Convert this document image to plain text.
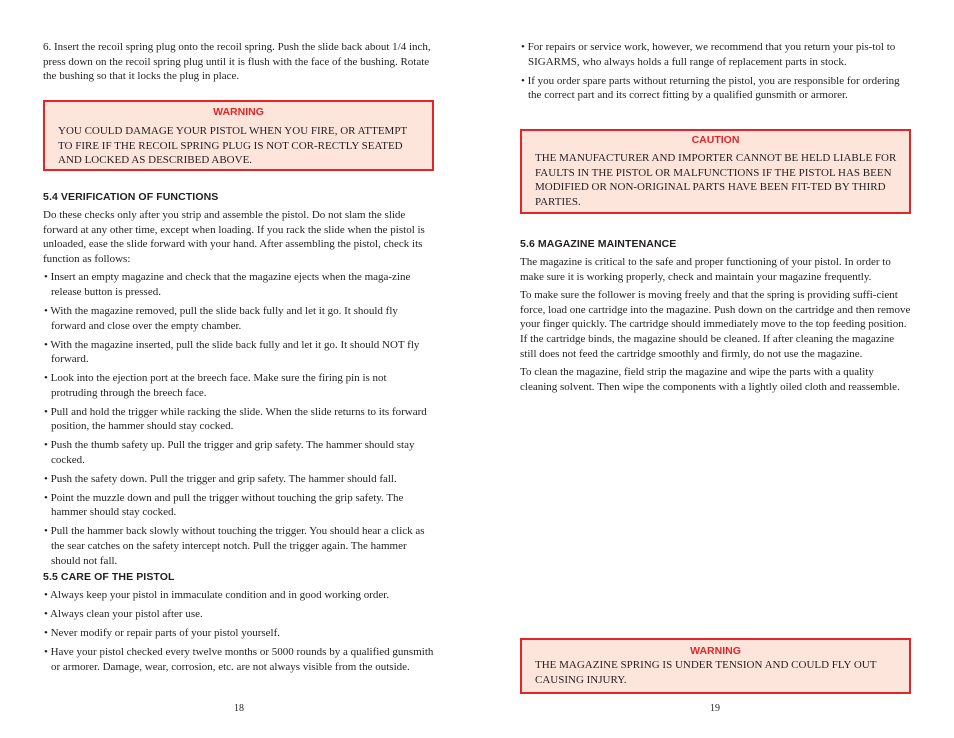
6. Insert the recoil spring plug onto the recoil spring. Push the slide back about 1/4 inch, press down on the recoil spring plug until it is flush with the face of the bushing. Rotate the bushing so that it locks the plug in place.

WARNING
YOU COULD DAMAGE YOUR PISTOL WHEN YOU FIRE, OR ATTEMPT TO FIRE IF THE RECOIL SPRING PLUG IS NOT COR-RECTLY SEATED AND LOCKED AS DESCRIBED ABOVE.
5.4 VERIFICATION OF FUNCTIONS

Do these checks only after you strip and assemble the pistol. Do not slam the slide forward at any other time, except when loading. If you rack the slide when the pistol is unloaded, ease the slide forward with your hand. After assembling the pistol, check its function as follows:

• Insert an empty magazine and check that the magazine ejects when the maga-zine release button is pressed.

• With the magazine removed, pull the slide back fully and let it go. It should fly forward and close over the empty chamber.

• With the magazine inserted, pull the slide back fully and let it go. It should NOT fly forward.

• Look into the ejection port at the breech face. Make sure the firing pin is not protruding through the breech face.

• Pull and hold the trigger while racking the slide. When the slide returns to its forward position, the hammer should stay cocked.

• Push the thumb safety up. Pull the trigger and grip safety. The hammer should stay cocked.

• Push the safety down. Pull the trigger and grip safety. The hammer should fall.

• Point the muzzle down and pull the trigger without touching the grip safety. The hammer should stay cocked.

• Pull the hammer back slowly without touching the trigger. You should hear a click as the sear catches on the safety intercept notch. Pull the trigger again. The hammer should not fall.

5.5 CARE OF THE PISTOL

• Always keep your pistol in immaculate condition and in good working order.

• Always clean your pistol after use.

• Never modify or repair parts of your pistol yourself.

• Have your pistol checked every twelve months or 5000 rounds by a qualified gunsmith or armorer. Damage, wear, corrosion, etc. are not always visible from the outside.

18

• For repairs or service work, however, we recommend that you return your pis-tol to SIGARMS, who always holds a full range of replacement parts in stock.

• If you order spare parts without returning the pistol, you are responsible for ordering the correct part and its correct fitting by a qualified gunsmith or armorer.

CAUTION
THE MANUFACTURER AND IMPORTER CANNOT BE HELD LIABLE FOR FAULTS IN THE PISTOL OR MALFUNCTIONS IF THE PISTOL HAS BEEN MODIFIED OR NON-ORIGINAL PARTS HAVE BEEN FIT-TED BY THIRD PARTIES.
5.6 MAGAZINE MAINTENANCE

The magazine is critical to the safe and proper functioning of your pistol. In order to make sure it is working properly, check and maintain your magazine frequently.

To make sure the follower is moving freely and that the spring is providing suffi-cient force, load one cartridge into the magazine. Push down on the cartridge and then remove your finger quickly. The cartridge should immediately move to the top feeding position. If the cartridge binds, the magazine should be cleaned. If after cleaning the magazine still does not feed the cartridge smoothly and firmly, do not use the magazine.

To clean the magazine, field strip the magazine and wipe the parts with a quality cleaning solvent. Then wipe the components with a lightly oiled cloth and reassemble.

WARNING
THE MAGAZINE SPRING IS UNDER TENSION AND COULD FLY OUT CAUSING INJURY.
19
